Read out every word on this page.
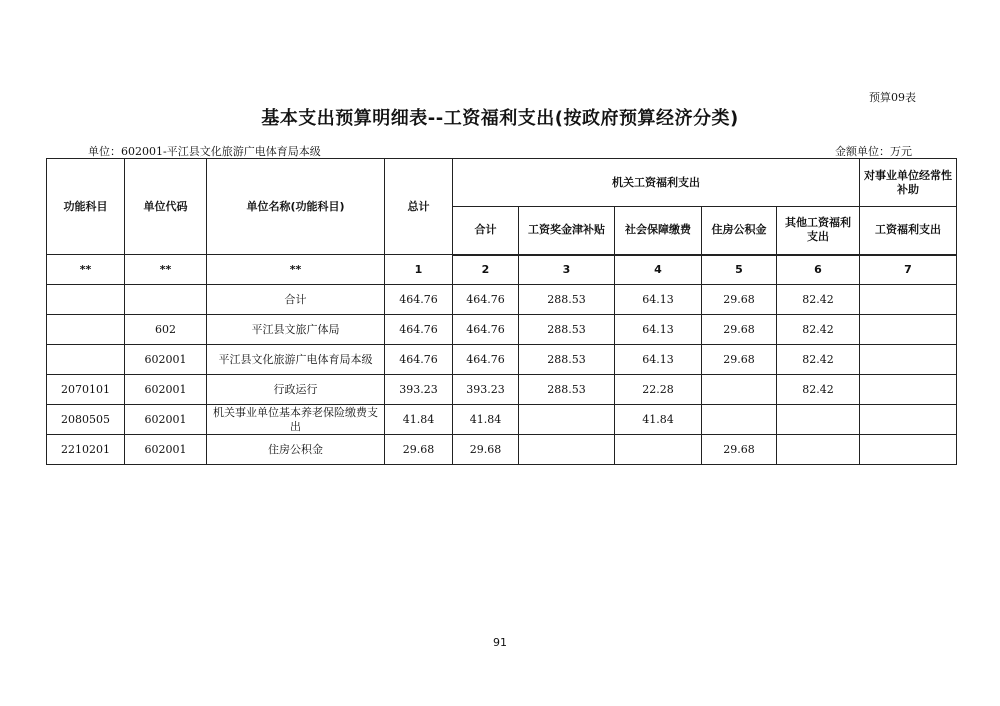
预算09表
基本支出预算明细表--工资福利支出(按政府预算经济分类)
单位：602001-平江县文化旅游广电体育局本级	金额单位：万元
功能科目	单位代码	单位名称(功能科目)	总计	机关工资福利支出					对事业单位经常性补助
				合计	工资奖金津补贴	社会保障缴费	住房公积金	其他工资福利支出	工资福利支出
**	**	**	1	2	3	4	5	6	7
		合计	464.76	464.76	288.53	64.13	29.68	82.42	
	602	平江县文旅广体局	464.76	464.76	288.53	64.13	29.68	82.42	
	602001	平江县文化旅游广电体育局本级	464.76	464.76	288.53	64.13	29.68	82.42	
2070101	602001	行政运行	393.23	393.23	288.53	22.28		82.42	
2080505	602001	机关事业单位基本养老保险缴费支出	41.84	41.84		41.84			
2210201	602001	住房公积金	29.68	29.68			29.68		
91
